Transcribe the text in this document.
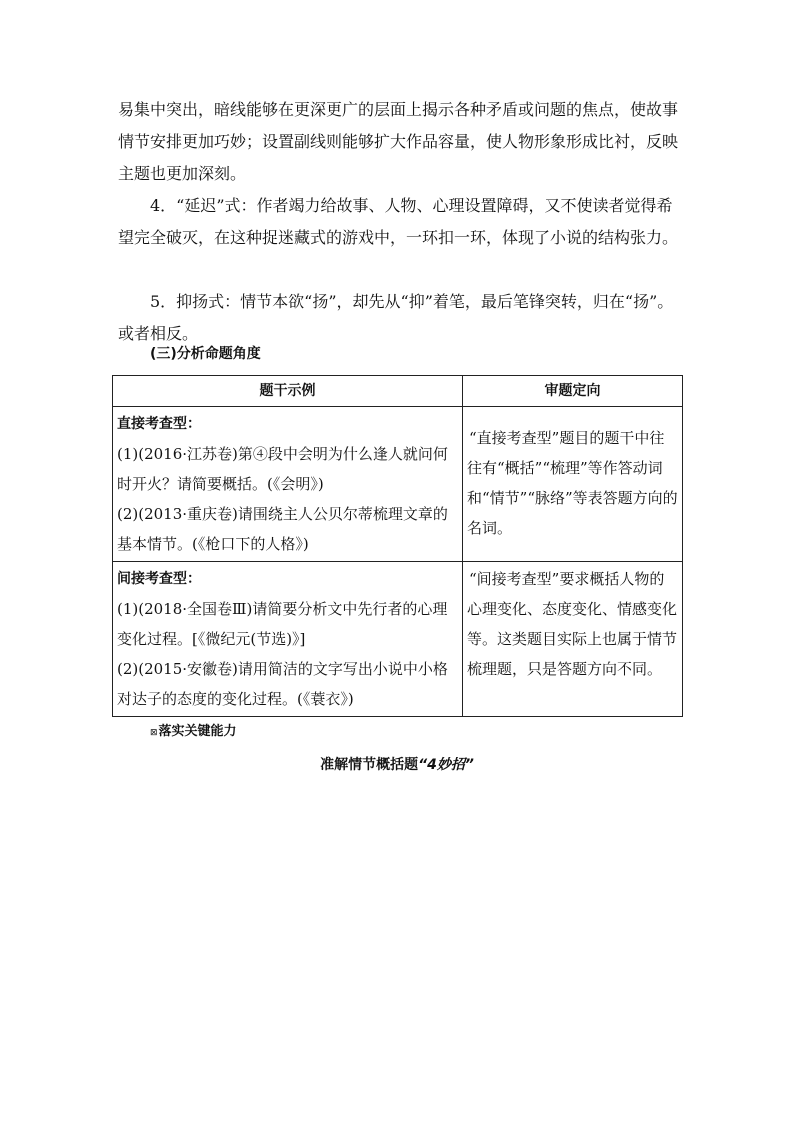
易集中突出，暗线能够在更深更广的层面上揭示各种矛盾或问题的焦点，使故事情节安排更加巧妙；设置副线则能够扩大作品容量，使人物形象形成比衬，反映主题也更加深刻。

4．“延迟”式：作者竭力给故事、人物、心理设置障碍，又不使读者觉得希望完全破灭，在这种捉迷藏式的游戏中，一环扣一环，体现了小说的结构张力。

5．抑扬式：情节本欲“扬”，却先从“抑”着笔，最后笔锋突转，归在“扬”。或者相反。

(三)分析命题角度
题干示例	审题定向

直接考查型：
(1)(2016·江苏卷)第④段中会明为什么逢人就问何时开火？请简要概括。(《会明》)
(2)(2013·重庆卷)请围绕主人公贝尔蒂梳理文章的基本情节。(《枪口下的人格》)	“直接考查型”题目的题干中往往有“概括”“梳理”等作答动词和“情节”“脉络”等表答题方向的名词。

间接考查型：
(1)(2018·全国卷Ⅲ)请简要分析文中先行者的心理变化过程。[《微纪元(节选)》]
(2)(2015·安徽卷)请用简洁的文字写出小说中小格对达子的态度的变化过程。(《蓑衣》)	“间接考查型”要求概括人物的心理变化、态度变化、情感变化等。这类题目实际上也属于情节梳理题，只是答题方向不同。
⊠落实关键能力
准解情节概括题“4妙招”
